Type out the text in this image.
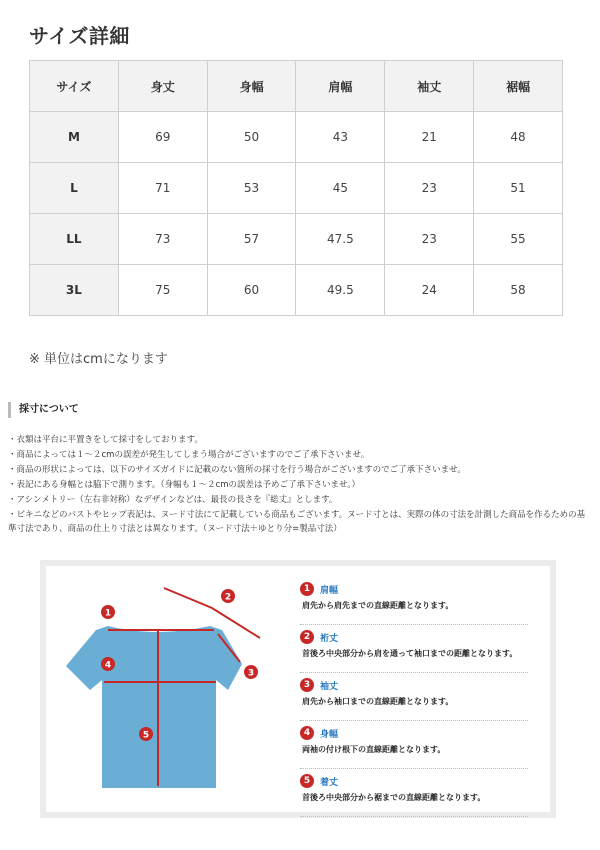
サイズ詳細
サイズ	身丈	身幅	肩幅	袖丈	裾幅
M	69	50	43	21	48
L	71	53	45	23	51
LL	73	57	47.5	23	55
3L	75	60	49.5	24	58
※ 単位はcmになります
採寸について
・衣類は平台に平置きをして採寸をしております。
・商品によっては１～２cmの誤差が発生してしまう場合がございますのでご了承下さいませ。
・商品の形状によっては、以下のサイズガイドに記載のない箇所の採寸を行う場合がございますのでご了承下さいませ。
・表記にある身幅とは脇下で測ります。（身幅も１～２cmの誤差は予めご了承下さいませ。）
・アシンメトリー（左右非対称）なデザインなどは、最長の長さを『総丈』とします。
・ビキニなどのバストやヒップ表記は、ヌード寸法にて記載している商品もございます。ヌード寸とは、実際の体の寸法を計測した商品を作るための基準寸法であり、商品の仕上り寸法とは異なります。（ヌード寸法＋ゆとり分=製品寸法）
1
2
3
4
5
1	肩幅
肩先から肩先までの直線距離となります。
2	裄丈
首後ろ中央部分から肩を通って袖口までの距離となります。
3	袖丈
肩先から袖口までの直線距離となります。
4	身幅
両袖の付け根下の直線距離となります。
5	着丈
首後ろ中央部分から裾までの直線距離となります。
